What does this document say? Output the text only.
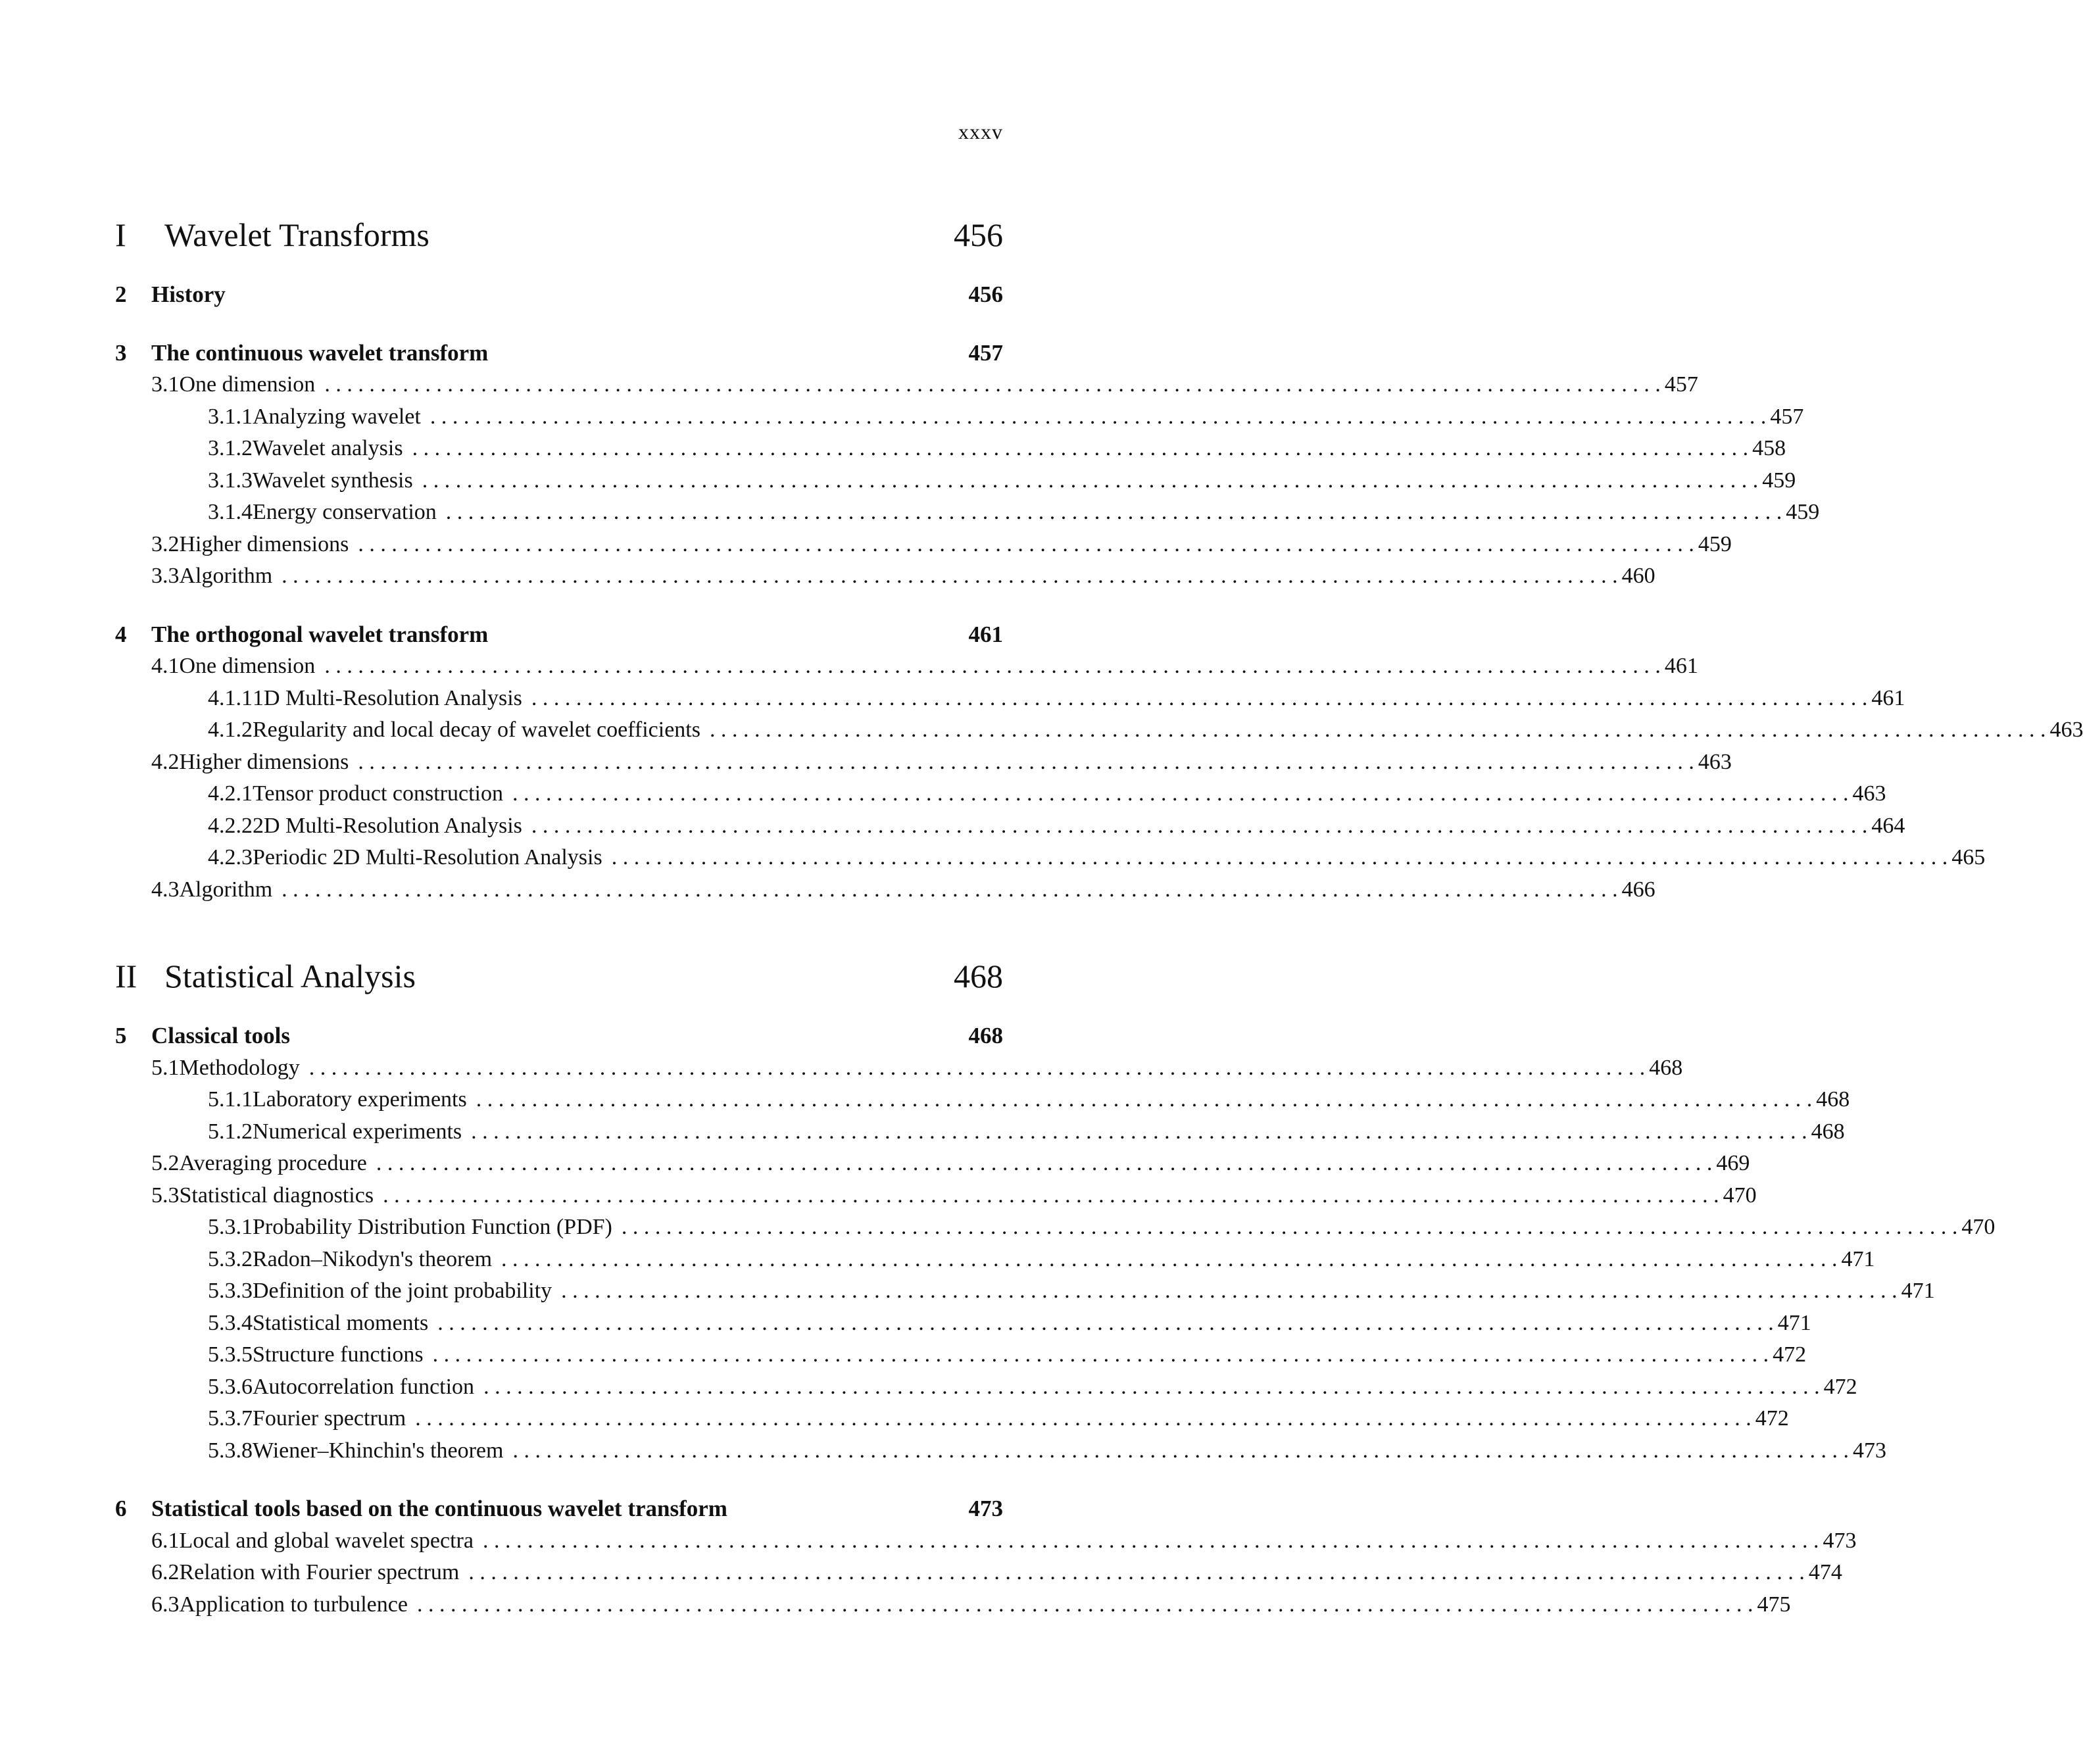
xxxv
I	Wavelet Transforms	456
2	History	456
3	The continuous wavelet transform	457
3.1 One dimension . . . . . . . . . . . . . . . . . . . . . . . . . . . . . . . . . . . . . . . . . . . . . . . . . . . . . . . . . . . . . . . . . . . . . . . . . . . . . . . . . . . . . . . . . . . . . . . . . . . . . . . . . . . . . . . . . . . . . . . . 457
3.1.1 Analyzing wavelet . . . . . . . . . . . . . . . . . . . . . . . . . . . . . . . . . . . . . . . . . . . . . . . . . . . . . . . . . . . . . . . . . . . . . . . . . . . . . . . . . . . . . . . . . . . . . . . . . . . . . . . . . . . . . . . . . . . . . . . . 457
3.1.2 Wavelet analysis . . . . . . . . . . . . . . . . . . . . . . . . . . . . . . . . . . . . . . . . . . . . . . . . . . . . . . . . . . . . . . . . . . . . . . . . . . . . . . . . . . . . . . . . . . . . . . . . . . . . . . . . . . . . . . . . . . . . . . . . 458
3.1.3 Wavelet synthesis . . . . . . . . . . . . . . . . . . . . . . . . . . . . . . . . . . . . . . . . . . . . . . . . . . . . . . . . . . . . . . . . . . . . . . . . . . . . . . . . . . . . . . . . . . . . . . . . . . . . . . . . . . . . . . . . . . . . . . . . 459
3.1.4 Energy conservation . . . . . . . . . . . . . . . . . . . . . . . . . . . . . . . . . . . . . . . . . . . . . . . . . . . . . . . . . . . . . . . . . . . . . . . . . . . . . . . . . . . . . . . . . . . . . . . . . . . . . . . . . . . . . . . . . . . . . . . . 459
3.2 Higher dimensions . . . . . . . . . . . . . . . . . . . . . . . . . . . . . . . . . . . . . . . . . . . . . . . . . . . . . . . . . . . . . . . . . . . . . . . . . . . . . . . . . . . . . . . . . . . . . . . . . . . . . . . . . . . . . . . . . . . . . . . . 459
3.3 Algorithm . . . . . . . . . . . . . . . . . . . . . . . . . . . . . . . . . . . . . . . . . . . . . . . . . . . . . . . . . . . . . . . . . . . . . . . . . . . . . . . . . . . . . . . . . . . . . . . . . . . . . . . . . . . . . . . . . . . . . . . . 460
4	The orthogonal wavelet transform	461
4.1 One dimension . . . . . . . . . . . . . . . . . . . . . . . . . . . . . . . . . . . . . . . . . . . . . . . . . . . . . . . . . . . . . . . . . . . . . . . . . . . . . . . . . . . . . . . . . . . . . . . . . . . . . . . . . . . . . . . . . . . . . . . . 461
4.1.1 1D Multi-Resolution Analysis . . . . . . . . . . . . . . . . . . . . . . . . . . . . . . . . . . . . . . . . . . . . . . . . . . . . . . . . . . . . . . . . . . . . . . . . . . . . . . . . . . . . . . . . . . . . . . . . . . . . . . . . . . . . . . . . . . . . . . . . 461
4.1.2 Regularity and local decay of wavelet coefficients . . . . . . . . . . . . . . . . . . . . . . . . . . . . . . . . . . . . . . . . . . . . . . . . . . . . . . . . . . . . . . . . . . . . . . . . . . . . . . . . . . . . . . . . . . . . . . . . . . . . . . . . . . . . . . . . . . . . . . . . 463
4.2 Higher dimensions . . . . . . . . . . . . . . . . . . . . . . . . . . . . . . . . . . . . . . . . . . . . . . . . . . . . . . . . . . . . . . . . . . . . . . . . . . . . . . . . . . . . . . . . . . . . . . . . . . . . . . . . . . . . . . . . . . . . . . . . 463
4.2.1 Tensor product construction . . . . . . . . . . . . . . . . . . . . . . . . . . . . . . . . . . . . . . . . . . . . . . . . . . . . . . . . . . . . . . . . . . . . . . . . . . . . . . . . . . . . . . . . . . . . . . . . . . . . . . . . . . . . . . . . . . . . . . . . 463
4.2.2 2D Multi-Resolution Analysis . . . . . . . . . . . . . . . . . . . . . . . . . . . . . . . . . . . . . . . . . . . . . . . . . . . . . . . . . . . . . . . . . . . . . . . . . . . . . . . . . . . . . . . . . . . . . . . . . . . . . . . . . . . . . . . . . . . . . . . . 464
4.2.3 Periodic 2D Multi-Resolution Analysis . . . . . . . . . . . . . . . . . . . . . . . . . . . . . . . . . . . . . . . . . . . . . . . . . . . . . . . . . . . . . . . . . . . . . . . . . . . . . . . . . . . . . . . . . . . . . . . . . . . . . . . . . . . . . . . . . . . . . . . . 465
4.3 Algorithm . . . . . . . . . . . . . . . . . . . . . . . . . . . . . . . . . . . . . . . . . . . . . . . . . . . . . . . . . . . . . . . . . . . . . . . . . . . . . . . . . . . . . . . . . . . . . . . . . . . . . . . . . . . . . . . . . . . . . . . . 466
II Statistical Analysis	468
5	Classical tools	468
5.1 Methodology . . . . . . . . . . . . . . . . . . . . . . . . . . . . . . . . . . . . . . . . . . . . . . . . . . . . . . . . . . . . . . . . . . . . . . . . . . . . . . . . . . . . . . . . . . . . . . . . . . . . . . . . . . . . . . . . . . . . . . . . 468
5.1.1 Laboratory experiments . . . . . . . . . . . . . . . . . . . . . . . . . . . . . . . . . . . . . . . . . . . . . . . . . . . . . . . . . . . . . . . . . . . . . . . . . . . . . . . . . . . . . . . . . . . . . . . . . . . . . . . . . . . . . . . . . . . . . . . . 468
5.1.2 Numerical experiments . . . . . . . . . . . . . . . . . . . . . . . . . . . . . . . . . . . . . . . . . . . . . . . . . . . . . . . . . . . . . . . . . . . . . . . . . . . . . . . . . . . . . . . . . . . . . . . . . . . . . . . . . . . . . . . . . . . . . . . . 468
5.2 Averaging procedure . . . . . . . . . . . . . . . . . . . . . . . . . . . . . . . . . . . . . . . . . . . . . . . . . . . . . . . . . . . . . . . . . . . . . . . . . . . . . . . . . . . . . . . . . . . . . . . . . . . . . . . . . . . . . . . . . . . . . . . . 469
5.3 Statistical diagnostics . . . . . . . . . . . . . . . . . . . . . . . . . . . . . . . . . . . . . . . . . . . . . . . . . . . . . . . . . . . . . . . . . . . . . . . . . . . . . . . . . . . . . . . . . . . . . . . . . . . . . . . . . . . . . . . . . . . . . . . . 470
5.3.1 Probability Distribution Function (PDF) . . . . . . . . . . . . . . . . . . . . . . . . . . . . . . . . . . . . . . . . . . . . . . . . . . . . . . . . . . . . . . . . . . . . . . . . . . . . . . . . . . . . . . . . . . . . . . . . . . . . . . . . . . . . . . . . . . . . . . . . 470
5.3.2 Radon–Nikodyn's theorem . . . . . . . . . . . . . . . . . . . . . . . . . . . . . . . . . . . . . . . . . . . . . . . . . . . . . . . . . . . . . . . . . . . . . . . . . . . . . . . . . . . . . . . . . . . . . . . . . . . . . . . . . . . . . . . . . . . . . . . . 471
5.3.3 Definition of the joint probability . . . . . . . . . . . . . . . . . . . . . . . . . . . . . . . . . . . . . . . . . . . . . . . . . . . . . . . . . . . . . . . . . . . . . . . . . . . . . . . . . . . . . . . . . . . . . . . . . . . . . . . . . . . . . . . . . . . . . . . . 471
5.3.4 Statistical moments . . . . . . . . . . . . . . . . . . . . . . . . . . . . . . . . . . . . . . . . . . . . . . . . . . . . . . . . . . . . . . . . . . . . . . . . . . . . . . . . . . . . . . . . . . . . . . . . . . . . . . . . . . . . . . . . . . . . . . . . 471
5.3.5 Structure functions . . . . . . . . . . . . . . . . . . . . . . . . . . . . . . . . . . . . . . . . . . . . . . . . . . . . . . . . . . . . . . . . . . . . . . . . . . . . . . . . . . . . . . . . . . . . . . . . . . . . . . . . . . . . . . . . . . . . . . . . 472
5.3.6 Autocorrelation function . . . . . . . . . . . . . . . . . . . . . . . . . . . . . . . . . . . . . . . . . . . . . . . . . . . . . . . . . . . . . . . . . . . . . . . . . . . . . . . . . . . . . . . . . . . . . . . . . . . . . . . . . . . . . . . . . . . . . . . . 472
5.3.7 Fourier spectrum . . . . . . . . . . . . . . . . . . . . . . . . . . . . . . . . . . . . . . . . . . . . . . . . . . . . . . . . . . . . . . . . . . . . . . . . . . . . . . . . . . . . . . . . . . . . . . . . . . . . . . . . . . . . . . . . . . . . . . . . 472
5.3.8 Wiener–Khinchin's theorem . . . . . . . . . . . . . . . . . . . . . . . . . . . . . . . . . . . . . . . . . . . . . . . . . . . . . . . . . . . . . . . . . . . . . . . . . . . . . . . . . . . . . . . . . . . . . . . . . . . . . . . . . . . . . . . . . . . . . . . . 473
6	Statistical tools based on the continuous wavelet transform	473
6.1 Local and global wavelet spectra . . . . . . . . . . . . . . . . . . . . . . . . . . . . . . . . . . . . . . . . . . . . . . . . . . . . . . . . . . . . . . . . . . . . . . . . . . . . . . . . . . . . . . . . . . . . . . . . . . . . . . . . . . . . . . . . . . . . . . . . 473
6.2 Relation with Fourier spectrum . . . . . . . . . . . . . . . . . . . . . . . . . . . . . . . . . . . . . . . . . . . . . . . . . . . . . . . . . . . . . . . . . . . . . . . . . . . . . . . . . . . . . . . . . . . . . . . . . . . . . . . . . . . . . . . . . . . . . . . . 474
6.3 Application to turbulence . . . . . . . . . . . . . . . . . . . . . . . . . . . . . . . . . . . . . . . . . . . . . . . . . . . . . . . . . . . . . . . . . . . . . . . . . . . . . . . . . . . . . . . . . . . . . . . . . . . . . . . . . . . . . . . . . . . . . . . . 475
